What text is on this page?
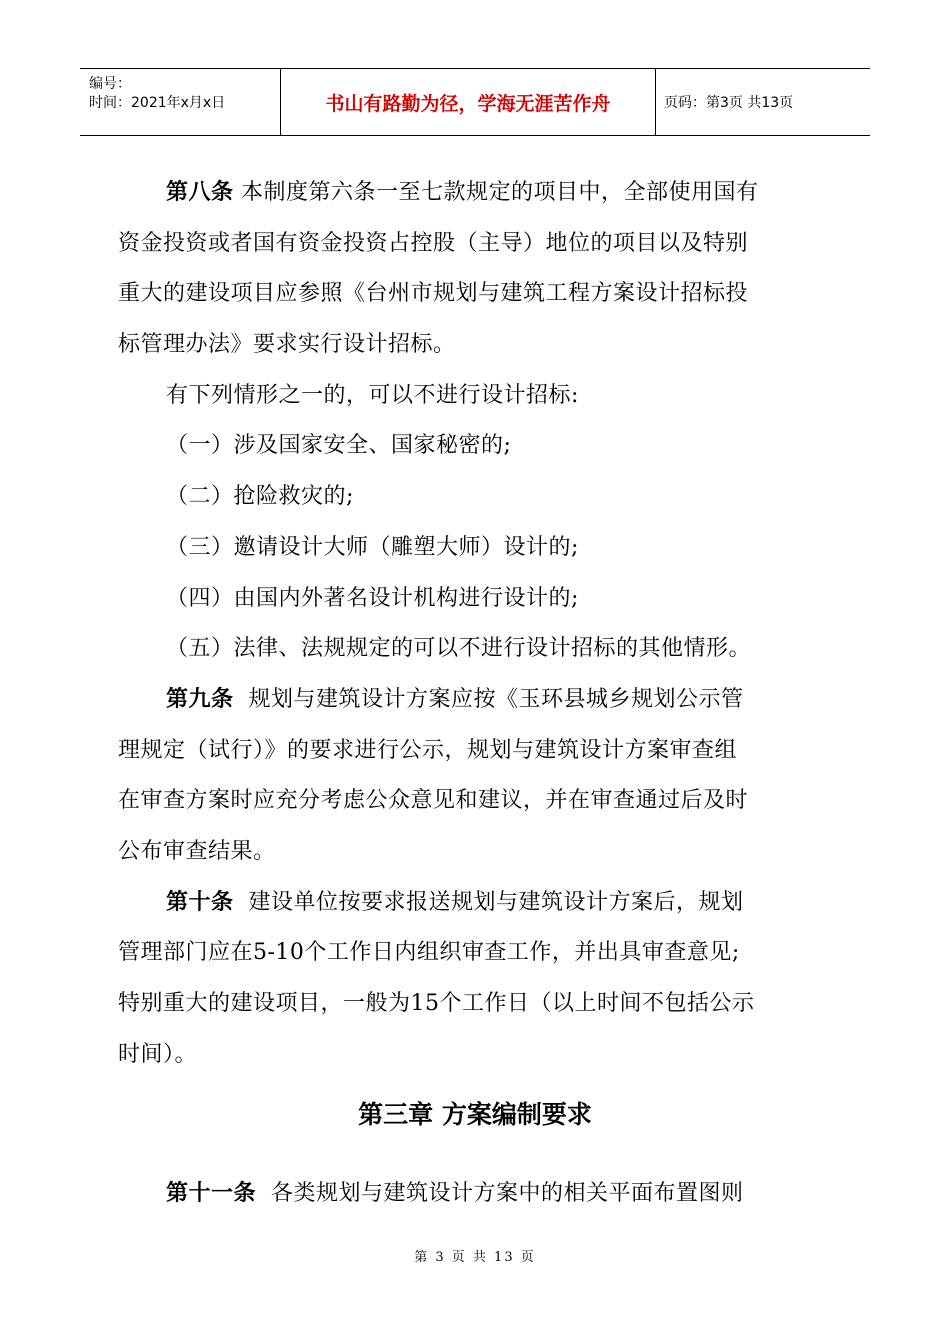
编号：
时间：2021年x月x日	书山有路勤为径，学海无涯苦作舟	页码：第3页 共13页
第八条 本制度第六条一至七款规定的项目中，全部使用国有
资金投资或者国有资金投资占控股（主导）地位的项目以及特别
重大的建设项目应参照《台州市规划与建筑工程方案设计招标投
标管理办法》要求实行设计招标。
有下列情形之一的，可以不进行设计招标:
（一）涉及国家安全、国家秘密的;
（二）抢险救灾的;
（三）邀请设计大师（雕塑大师）设计的;
（四）由国内外著名设计机构进行设计的;
（五）法律、法规规定的可以不进行设计招标的其他情形。
第九条 规划与建筑设计方案应按《玉环县城乡规划公示管
理规定（试行）》的要求进行公示，规划与建筑设计方案审查组
在审查方案时应充分考虑公众意见和建议，并在审查通过后及时
公布审查结果。
第十条 建设单位按要求报送规划与建筑设计方案后，规划
管理部门应在5-10个工作日内组织审查工作，并出具审查意见;
特别重大的建设项目，一般为15个工作日（以上时间不包括公示
时间）。
第三章 方案编制要求
第十一条 各类规划与建筑设计方案中的相关平面布置图则
第 3 页 共 13 页
